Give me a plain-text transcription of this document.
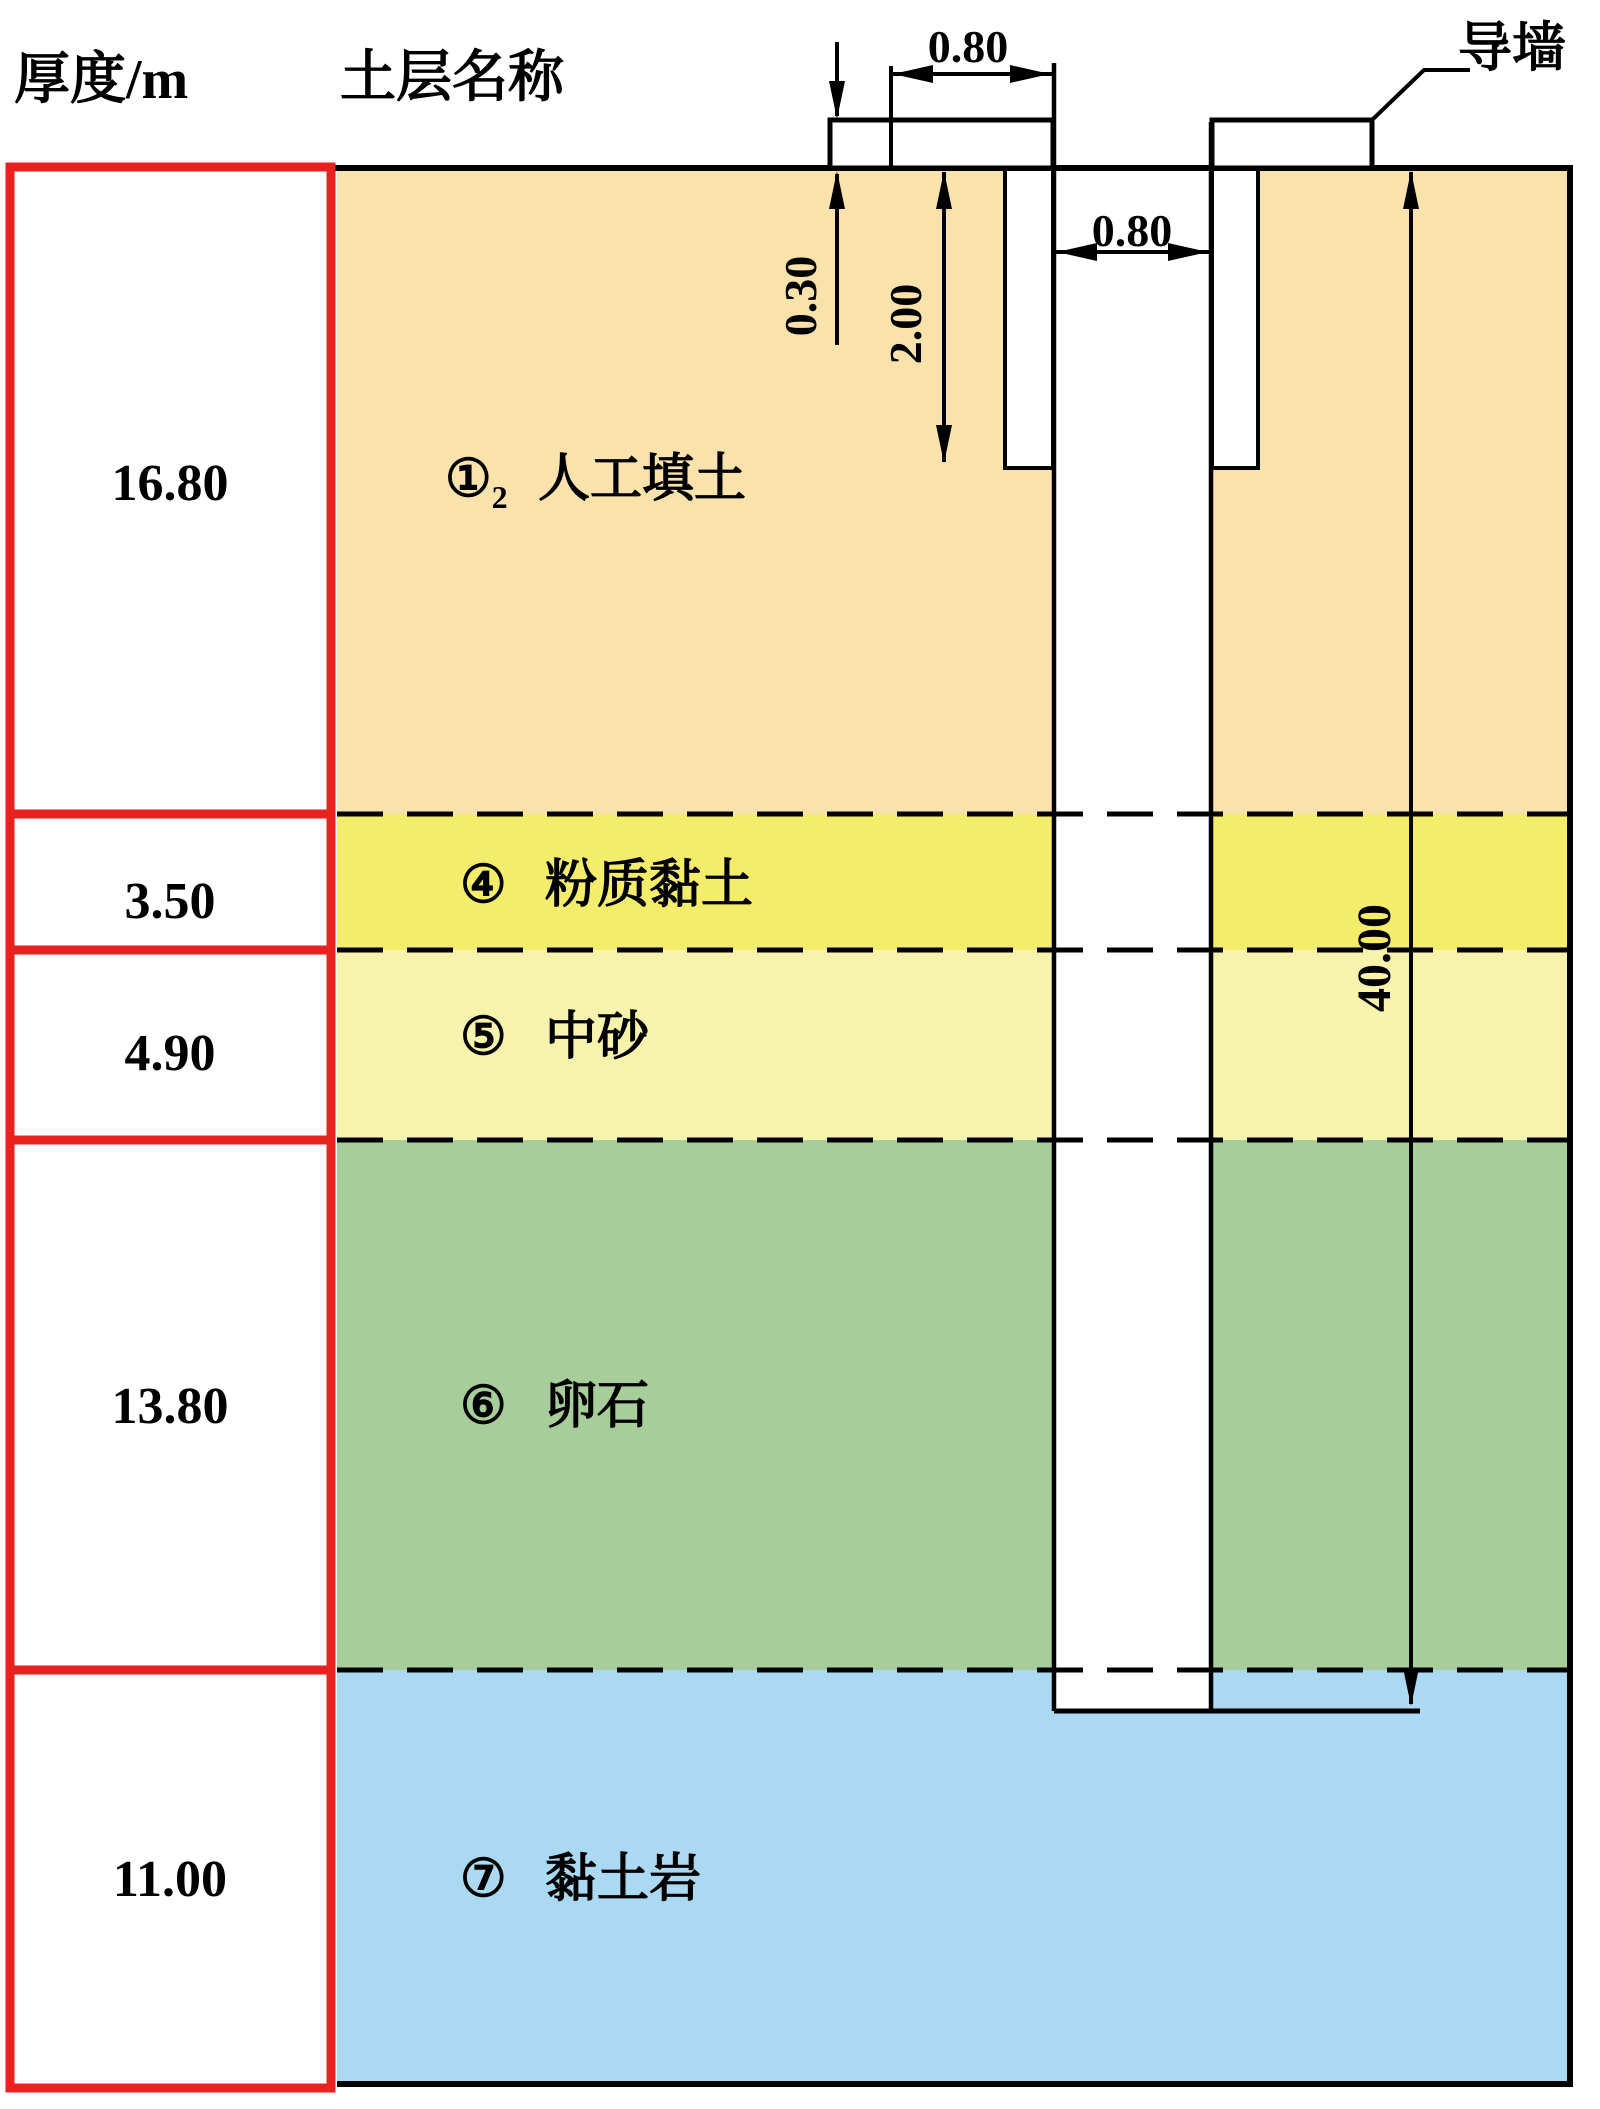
厚度/m	土层名称
16.80
3.50
4.90
13.80
11.00
$①_2$ 人工填土
④ 粉质黏土
⑤ 中砂
⑥ 卵石
⑦ 黏土岩
0.80
0.30 2.00
0.80
40.00
导墙
